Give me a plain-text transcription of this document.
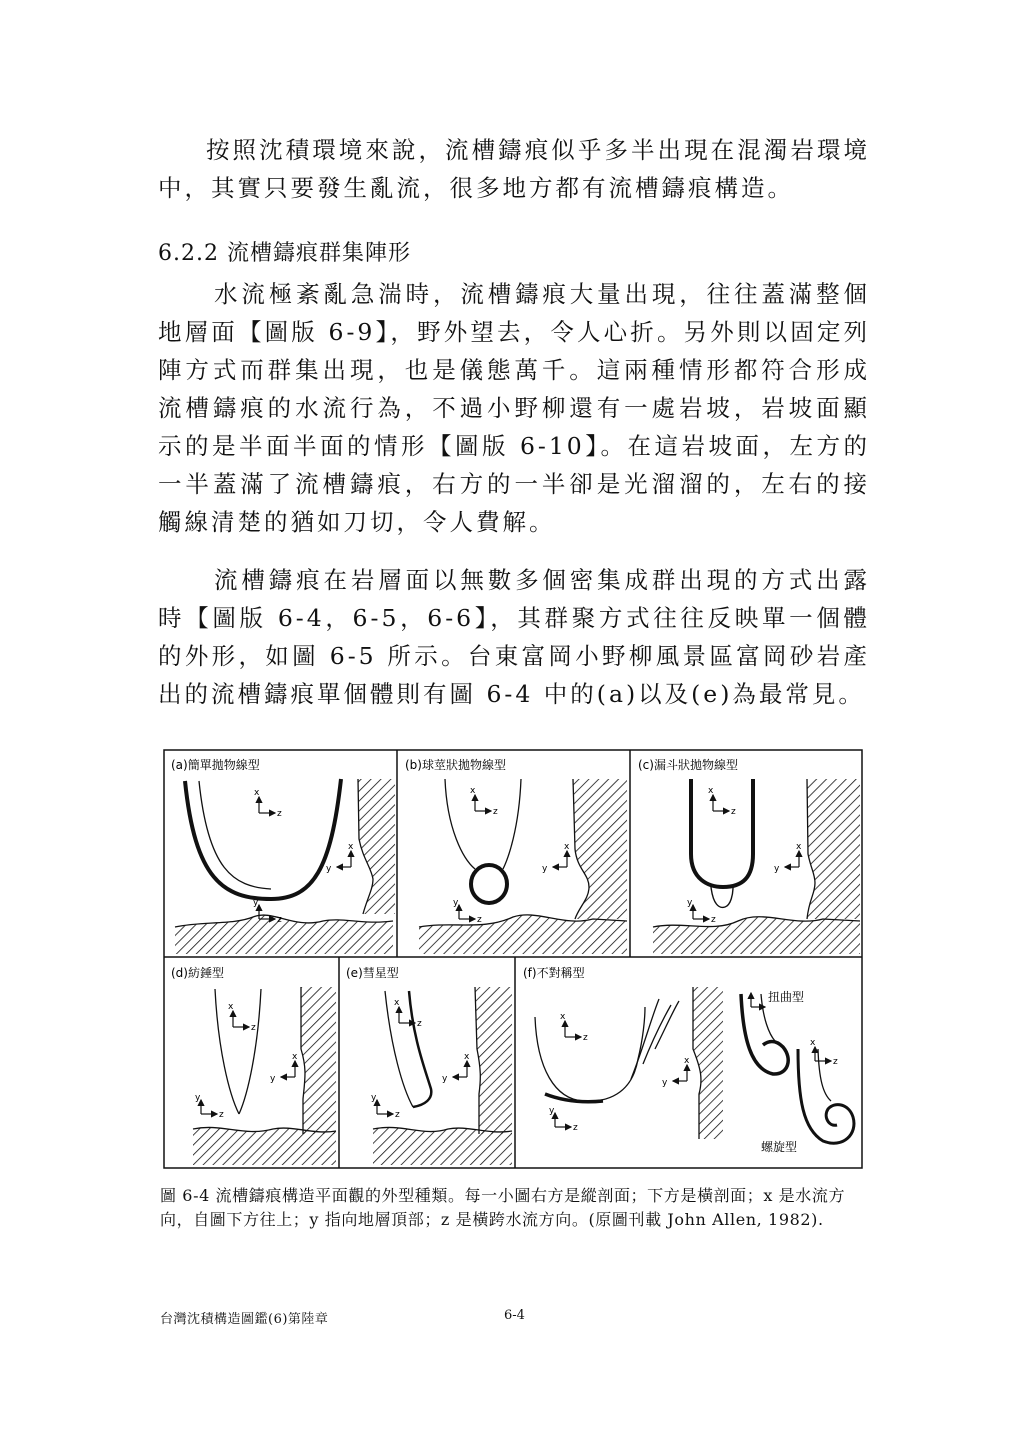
按照沈積環境來說，流槽鑄痕似乎多半出現在混濁岩環境中，其實只要發生亂流，很多地方都有流槽鑄痕構造。
6.2.2 流槽鑄痕群集陣形
水流極紊亂急湍時，流槽鑄痕大量出現，往往蓋滿整個地層面【圖版 6-9】，野外望去，令人心折。另外則以固定列陣方式而群集出現，也是儀態萬千。這兩種情形都符合形成流槽鑄痕的水流行為，不過小野柳還有一處岩坡，岩坡面顯示的是半面半面的情形【圖版 6-10】。在這岩坡面，左方的一半蓋滿了流槽鑄痕，右方的一半卻是光溜溜的，左右的接觸線清楚的猶如刀切，令人費解。
流槽鑄痕在岩層面以無數多個密集成群出現的方式出露時【圖版 6-4，6-5，6-6】，其群聚方式往往反映單一個體的外形，如圖 6-5 所示。台東富岡小野柳風景區富岡砂岩產出的流槽鑄痕單個體則有圖 6-4 中的(a)以及(e)為最常見。
(a)簡單拋物線型	(b)球莖狀拋物線型	(c)漏斗狀拋物線型
(d)紡錘型	(e)彗星型	(f)不對稱型
扭曲型
螺旋型
x
z
y
x
y
z
x
z
y
x
y
z
x
z
y
x
y
z
x
z
y
x
y
z
x
z
y
x
y
z
x
z
y
x
y
z
x
z
圖 6-4 流槽鑄痕構造平面觀的外型種類。每一小圖右方是縱剖面；下方是橫剖面；x 是水流方向，自圖下方往上；y 指向地層頂部；z 是橫跨水流方向。(原圖刊載 John Allen, 1982).
台灣沈積構造圖鑑(6)第陸章	6-4
